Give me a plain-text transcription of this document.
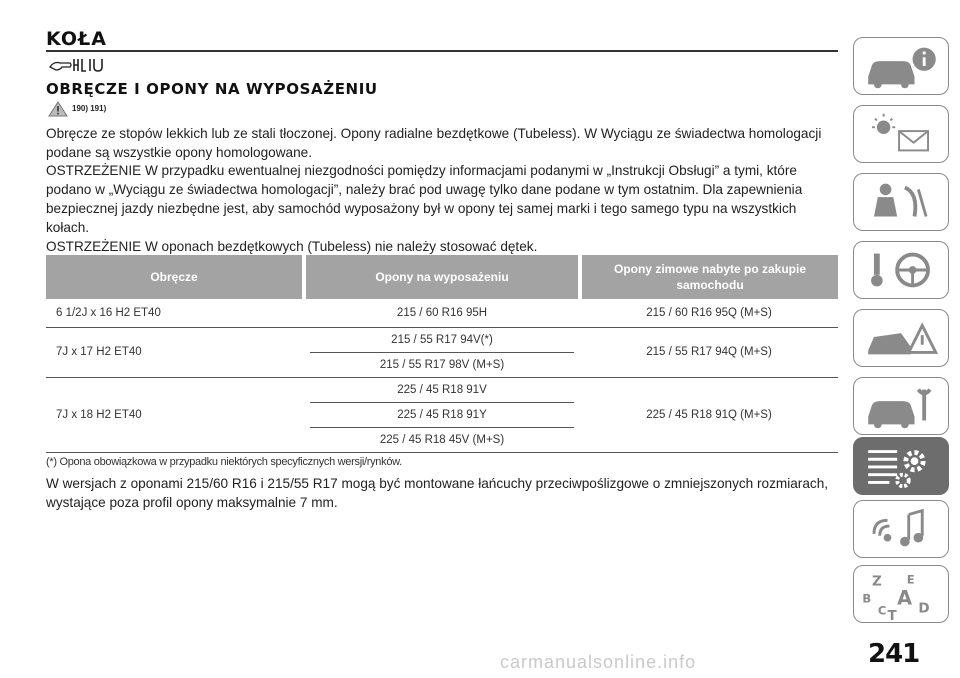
KOŁA
OBRĘCZE I OPONY NA WYPOSAŻENIU
190) 191)
Obręcze ze stopów lekkich lub ze stali tłoczonej. Opony radialne bezdętkowe (Tubeless). W Wyciągu ze świadectwa homologacji podane są wszystkie opony homologowane.
OSTRZEŻENIE W przypadku ewentualnej niezgodności pomiędzy informacjami podanymi w „Instrukcji Obsługi” a tymi, które podano w „Wyciągu ze świadectwa homologacji”, należy brać pod uwagę tylko dane podane w tym ostatnim. Dla zapewnienia bezpiecznej jazdy niezbędne jest, aby samochód wyposażony był w opony tej samej marki i tego samego typu na wszystkich kołach.
OSTRZEŻENIE W oponach bezdętkowych (Tubeless) nie należy stosować dętek.
Obręcze	Opony na wyposażeniu	Opony zimowe nabyte po zakupie samochodu
6 1/2J x 16 H2 ET40	215 / 60 R16 95H	215 / 60 R16 95Q (M+S)
7J x 17 H2 ET40	215 / 55 R17 94V(*)
215 / 55 R17 98V (M+S)	215 / 55 R17 94Q (M+S)
7J x 18 H2 ET40	225 / 45 R18 91V
225 / 45 R18 91Y
225 / 45 R18 45V (M+S)	225 / 45 R18 91Q (M+S)
(*) Opona obowiązkowa w przypadku niektórych specyficznych wersji/rynków.
W wersjach z oponami 215/60 R16 i 215/55 R17 mogą być montowane łańcuchy przeciwpoślizgowe o zmniejszonych rozmiarach, wystające poza profil opony maksymalnie 7 mm.
Z E
B A
C T D
241
carmanualsonline.info
